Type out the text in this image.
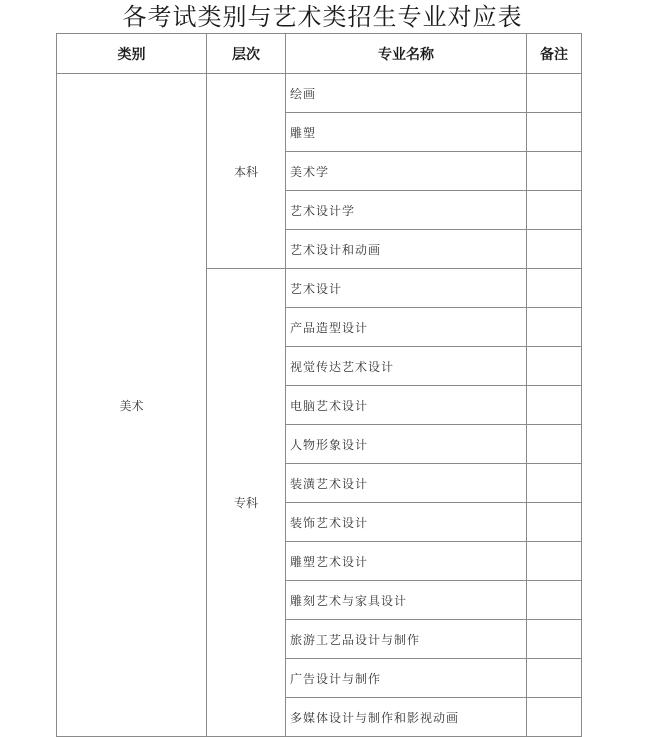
各考试类别与艺术类招生专业对应表
类别	层次	专业名称	备注
美术	本科	绘画	
		雕塑	
		美术学	
		艺术设计学	
		艺术设计和动画	
	专科	艺术设计	
		产品造型设计	
		视觉传达艺术设计	
		电脑艺术设计	
		人物形象设计	
		装潢艺术设计	
		装饰艺术设计	
		雕塑艺术设计	
		雕刻艺术与家具设计	
		旅游工艺品设计与制作	
		广告设计与制作	
		多媒体设计与制作和影视动画	
